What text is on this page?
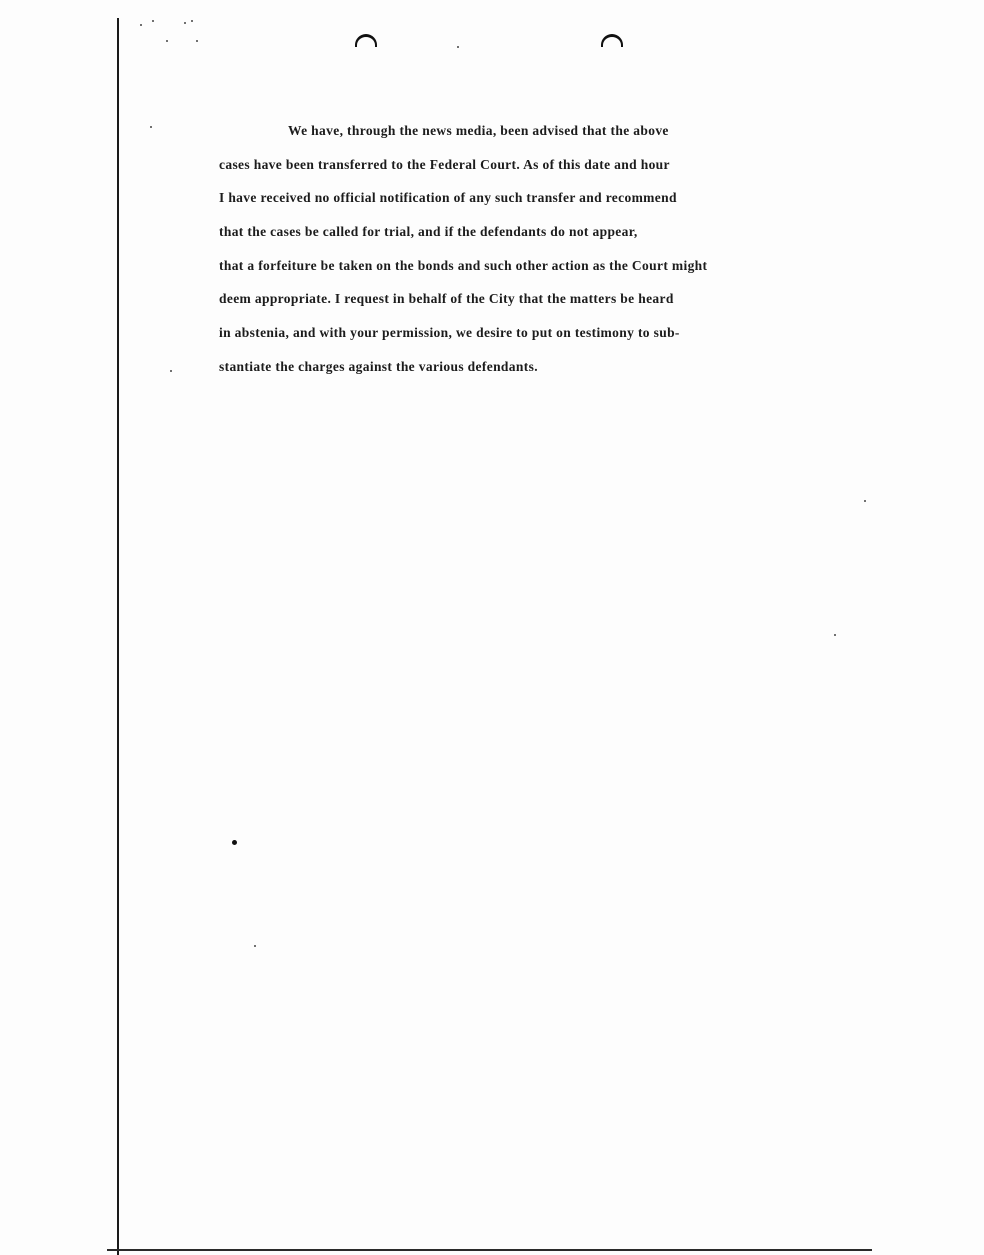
We have, through the news media, been advised that the above
cases have been transferred to the Federal Court. As of this date and hour
I have received no official notification of any such transfer and recommend
that the cases be called for trial, and if the defendants do not appear,
that a forfeiture be taken on the bonds and such other action as the Court might
deem appropriate. I request in behalf of the City that the matters be heard
in abstenia, and with your permission, we desire to put on testimony to sub-
stantiate the charges against the various defendants.
